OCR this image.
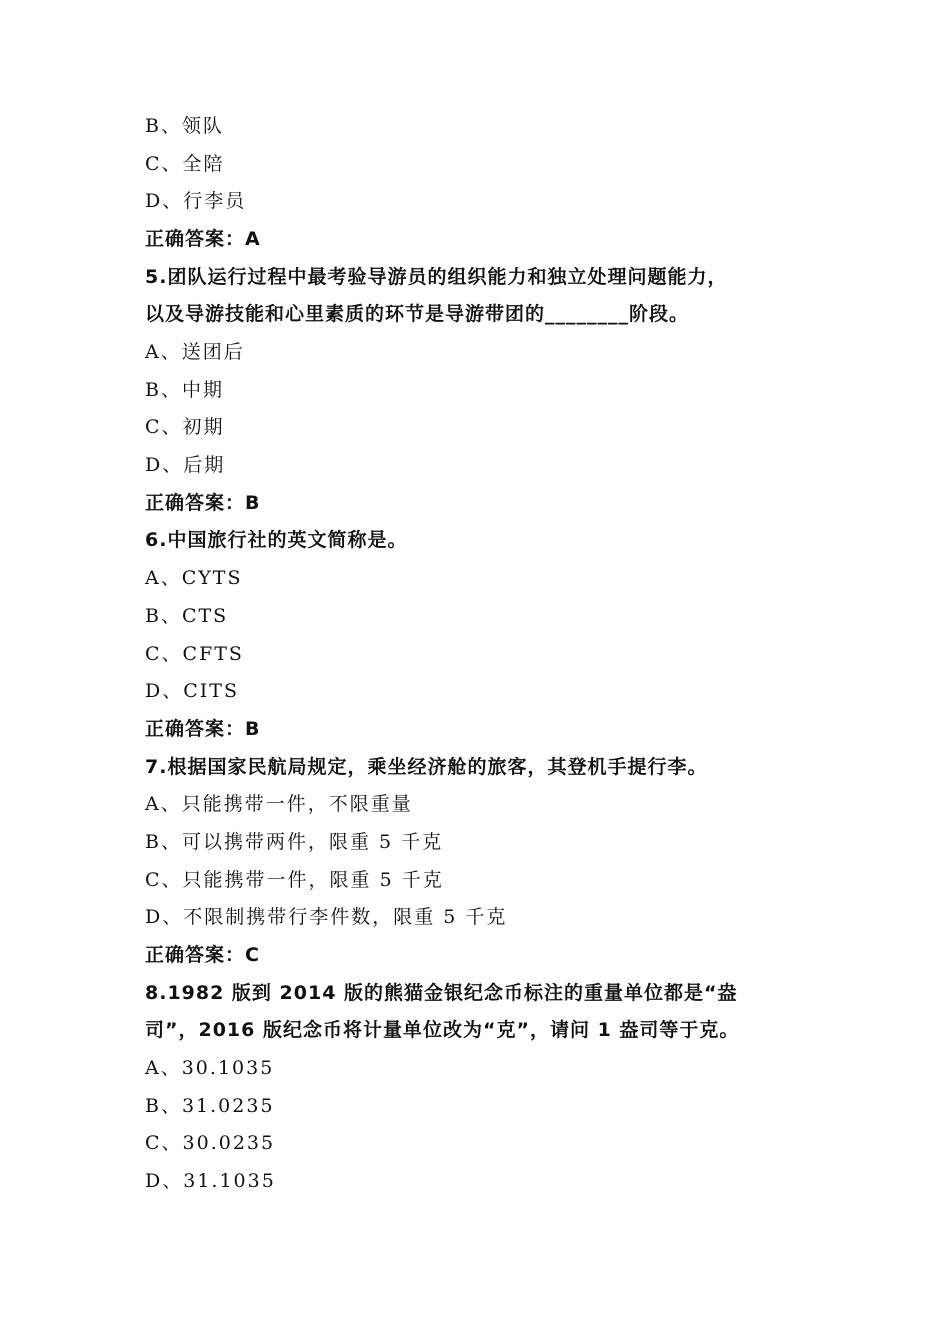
B、领队
C、全陪
D、行李员
正确答案：A
5.团队运行过程中最考验导游员的组织能力和独立处理问题能力，
以及导游技能和心里素质的环节是导游带团的________阶段。
A、送团后
B、中期
C、初期
D、后期
正确答案：B
6.中国旅行社的英文简称是。
A、CYTS
B、CTS
C、CFTS
D、CITS
正确答案：B
7.根据国家民航局规定，乘坐经济舱的旅客，其登机手提行李。
A、只能携带一件，不限重量
B、可以携带两件，限重 5 千克
C、只能携带一件，限重 5 千克
D、不限制携带行李件数，限重 5 千克
正确答案：C
8.1982 版到 2014 版的熊猫金银纪念币标注的重量单位都是“盎
司”，2016 版纪念币将计量单位改为“克”，请问 1 盎司等于克。
A、30.1035
B、31.0235
C、30.0235
D、31.1035
